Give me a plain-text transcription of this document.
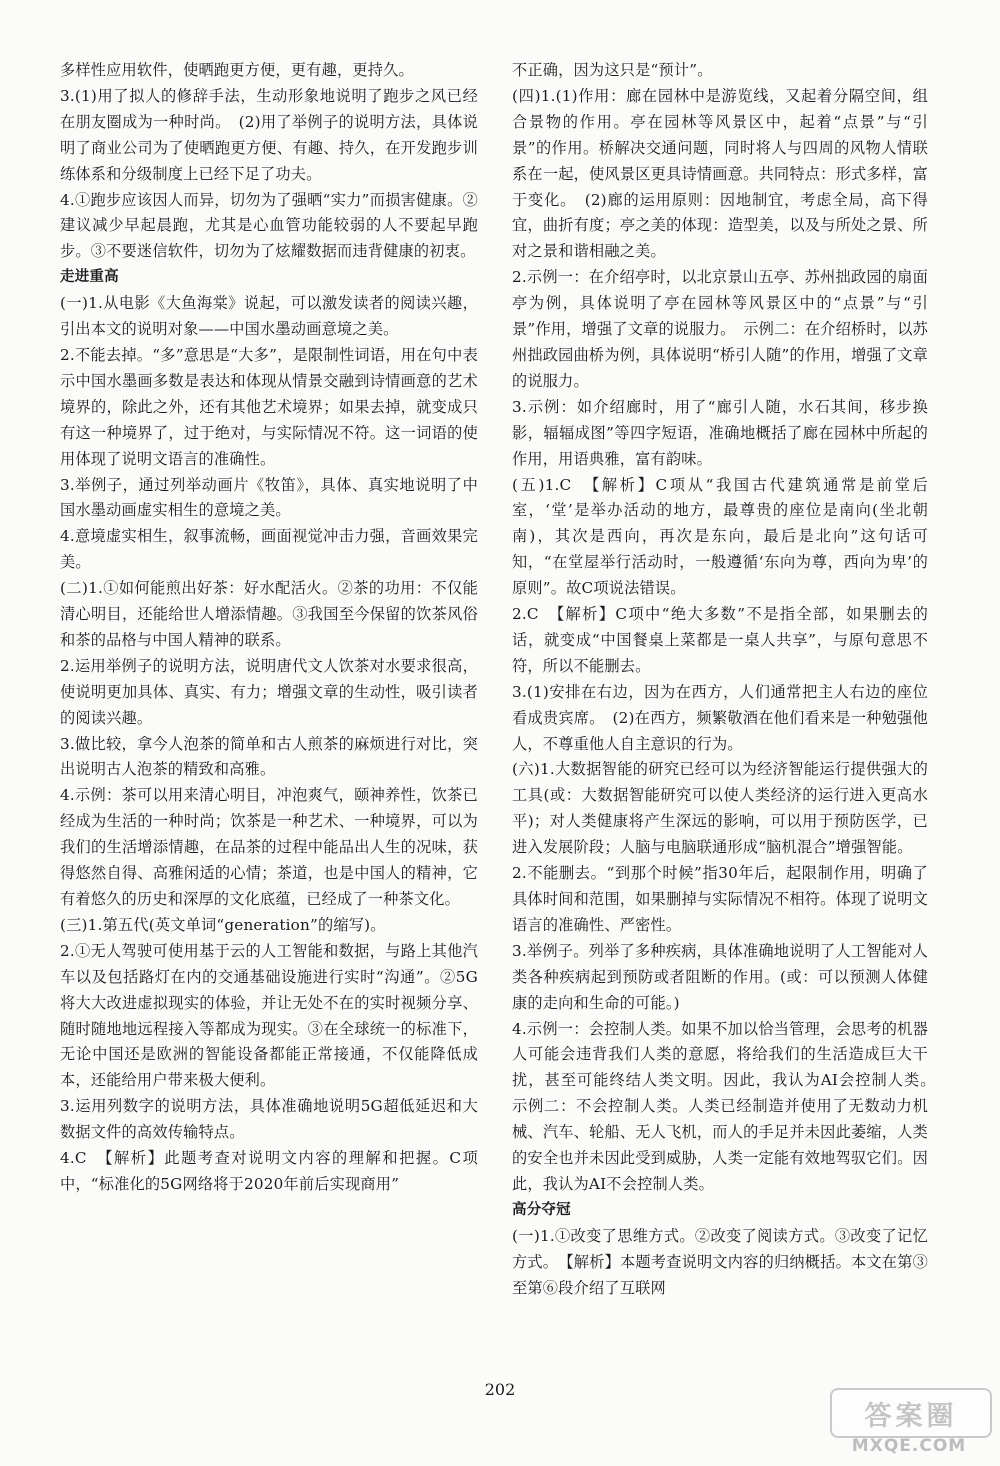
多样性应用软件，使晒跑更方便，更有趣，更持久。

3.(1)用了拟人的修辞手法，生动形象地说明了跑步之风已经在朋友圈成为一种时尚。　(2)用了举例子的说明方法，具体说明了商业公司为了使晒跑更方便、有趣、持久，在开发跑步训练体系和分级制度上已经下足了功夫。

4.①跑步应该因人而异，切勿为了强晒“实力”而损害健康。②建议减少早起晨跑，尤其是心血管功能较弱的人不要起早跑步。③不要迷信软件，切勿为了炫耀数据而违背健康的初衷。

走进重高

(一)1.从电影《大鱼海棠》说起，可以激发读者的阅读兴趣，引出本文的说明对象——中国水墨动画意境之美。

2.不能去掉。“多”意思是“大多”，是限制性词语，用在句中表示中国水墨画多数是表达和体现从情景交融到诗情画意的艺术境界的，除此之外，还有其他艺术境界；如果去掉，就变成只有这一种境界了，过于绝对，与实际情况不符。这一词语的使用体现了说明文语言的准确性。

3.举例子，通过列举动画片《牧笛》，具体、真实地说明了中国水墨动画虚实相生的意境之美。

4.意境虚实相生，叙事流畅，画面视觉冲击力强，音画效果完美。

(二)1.①如何能煎出好茶：好水配活火。②茶的功用：不仅能清心明目，还能给世人增添情趣。③我国至今保留的饮茶风俗和茶的品格与中国人精神的联系。

2.运用举例子的说明方法，说明唐代文人饮茶对水要求很高，使说明更加具体、真实、有力；增强文章的生动性，吸引读者的阅读兴趣。

3.做比较，拿今人泡茶的简单和古人煎茶的麻烦进行对比，突出说明古人泡茶的精致和高雅。

4.示例：茶可以用来清心明目，冲泡爽气，颐神养性，饮茶已经成为生活的一种时尚；饮茶是一种艺术、一种境界，可以为我们的生活增添情趣，在品茶的过程中能品出人生的况味，获得悠然自得、高雅闲适的心情；茶道，也是中国人的精神，它有着悠久的历史和深厚的文化底蕴，已经成了一种茶文化。

(三)1.第五代(英文单词“generation”的缩写)。

2.①无人驾驶可使用基于云的人工智能和数据，与路上其他汽车以及包括路灯在内的交通基础设施进行实时“沟通”。②5G将大大改进虚拟现实的体验，并让无处不在的实时视频分享、随时随地地远程接入等都成为现实。③在全球统一的标准下，无论中国还是欧洲的智能设备都能正常接通，不仅能降低成本，还能给用户带来极大便利。

3.运用列数字的说明方法，具体准确地说明5G超低延迟和大数据文件的高效传输特点。

4.C　【解析】此题考查对说明文内容的理解和把握。C项中，“标准化的5G网络将于2020年前后实现商用”

不正确，因为这只是“预计”。

(四)1.(1)作用：廊在园林中是游览线，又起着分隔空间，组合景物的作用。亭在园林等风景区中，起着“点景”与“引景”的作用。桥解决交通问题，同时将人与四周的风物人情联系在一起，使风景区更具诗情画意。共同特点：形式多样，富于变化。　(2)廊的运用原则：因地制宜，考虑全局，高下得宜，曲折有度；亭之美的体现：造型美，以及与所处之景、所对之景和谐相融之美。

2.示例一：在介绍亭时，以北京景山五亭、苏州拙政园的扇面亭为例，具体说明了亭在园林等风景区中的“点景”与“引景”作用，增强了文章的说服力。　示例二：在介绍桥时，以苏州拙政园曲桥为例，具体说明“桥引人随”的作用，增强了文章的说服力。

3.示例：如介绍廊时，用了“廊引人随，水石其间，移步换影，辐辐成图”等四字短语，准确地概括了廊在园林中所起的作用，用语典雅，富有韵味。

(五)1.C　【解析】C项从“我国古代建筑通常是前堂后室，‘堂’是举办活动的地方，最尊贵的座位是南向(坐北朝南)，其次是西向，再次是东向，最后是北向”这句话可知，“在堂屋举行活动时，一般遵循‘东向为尊，西向为卑’的原则”。故C项说法错误。

2.C　【解析】C项中“绝大多数”不是指全部，如果删去的话，就变成“中国餐桌上菜都是一桌人共享”，与原句意思不符，所以不能删去。

3.(1)安排在右边，因为在西方，人们通常把主人右边的座位看成贵宾席。　(2)在西方，频繁敬酒在他们看来是一种勉强他人，不尊重他人自主意识的行为。

(六)1.大数据智能的研究已经可以为经济智能运行提供强大的工具(或：大数据智能研究可以使人类经济的运行进入更高水平)；对人类健康将产生深远的影响，可以用于预防医学，已进入发展阶段；人脑与电脑联通形成“脑机混合”增强智能。

2.不能删去。“到那个时候”指30年后，起限制作用，明确了具体时间和范围，如果删掉与实际情况不相符。体现了说明文语言的准确性、严密性。

3.举例子。列举了多种疾病，具体准确地说明了人工智能对人类各种疾病起到预防或者阻断的作用。(或：可以预测人体健康的走向和生命的可能。)

4.示例一：会控制人类。如果不加以恰当管理，会思考的机器人可能会违背我们人类的意愿，将给我们的生活造成巨大干扰，甚至可能终结人类文明。因此，我认为AI会控制人类。　示例二：不会控制人类。人类已经制造并使用了无数动力机械、汽车、轮船、无人飞机，而人的手足并未因此萎缩，人类的安全也并未因此受到威胁，人类一定能有效地驾驭它们。因此，我认为AI不会控制人类。

高分夺冠

(一)1.①改变了思维方式。②改变了阅读方式。③改变了记忆方式。　【解析】本题考查说明文内容的归纳概括。本文在第③至第⑥段介绍了互联网

202
答案圈
MXQE.COM
